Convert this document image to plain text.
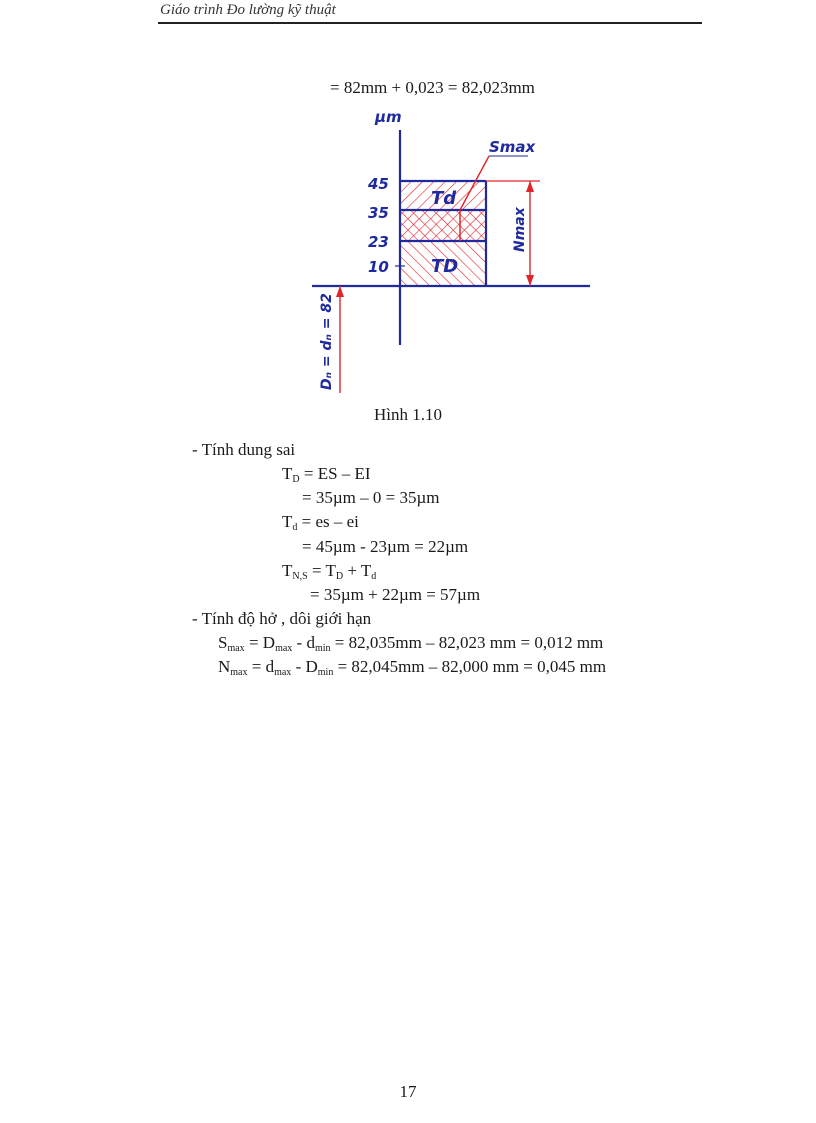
Giáo trình Đo lường kỹ thuật
= 82mm + 0,023 = 82,023mm
µm
45
35
23
10
Td
TD
Smax
Nmax
Dₙ = dₙ = 82
Hình 1.10
- Tính dung sai
$T_D$ = ES – EI
= 35µm – 0 = 35µm
$T_d$ = es – ei
= 45µm - 23µm = 22µm
$T_{N,S} = T_D + T_d$
= 35µm + 22µm = 57µm
- Tính độ hở , dôi giới hạn
$S_{max} = D_{max} - d_{min} = 82,035mm - 82,023$ mm = 0,012 mm
$N_{max} = d_{max} - D_{min} = 82,045mm - 82,000$ mm = 0,045 mm
17
